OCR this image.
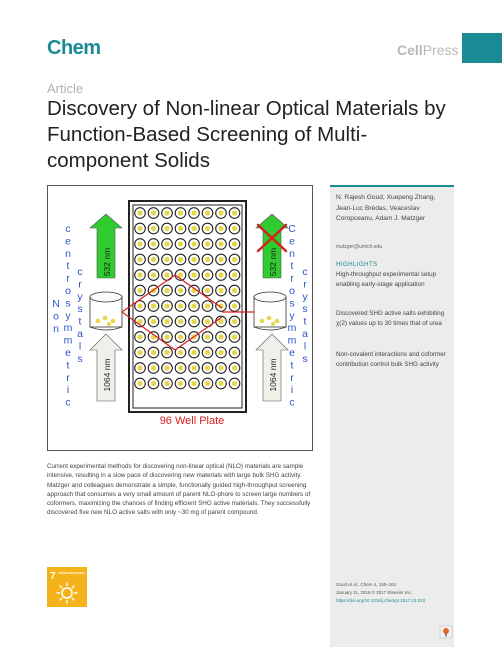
Chem	CellPress
Article
Discovery of Non-linear Optical Materials by Function-Based Screening of Multi-component Solids
c
e
n
t
r
o
s
y
m
m
e
t
r
i
c
N
o
n
c
r
y
s
t
a
l
s
C
e
n
t
r
o
s
y
m
m
e
t
r
i
c
c
r
y
s
t
a
l
s
532 nm
1064 nm
532 nm
1064 nm
96 Well Plate
N. Rajesh Goud, Xuepeng Zhang, Jean-Luc Brédas, Veaceslav Coropceanu, Adam J. Matzger
matzger@umich.edu
HIGHLIGHTS
High-throughput experimental setup enabling early-stage application
Discovered SHG active salts exhibiting χ(2) values up to 30 times that of urea
Non-covalent interactions and coformer contribution control bulk SHG activity
Goud et al., Chem 4, 150–161
January 11, 2018 © 2017 Elsevier Inc.
https://doi.org/10.1016/j.chempr.2017.12.010
Current experimental methods for discovering non-linear optical (NLO) materials are sample intensive, resulting in a slow pace of discovering new materials with large bulk SHG activity. Matzger and colleagues demonstrate a simple, functionally guided high-throughput screening approach that consumes a very small amount of parent NLO-phore to screen large numbers of coformers, maximizing the chances of finding efficient SHG active materials. They successfully discovered five new NLO active salts with only ~30 mg of parent compound.
7 AFFORDABLE AND CLEAN ENERGY
